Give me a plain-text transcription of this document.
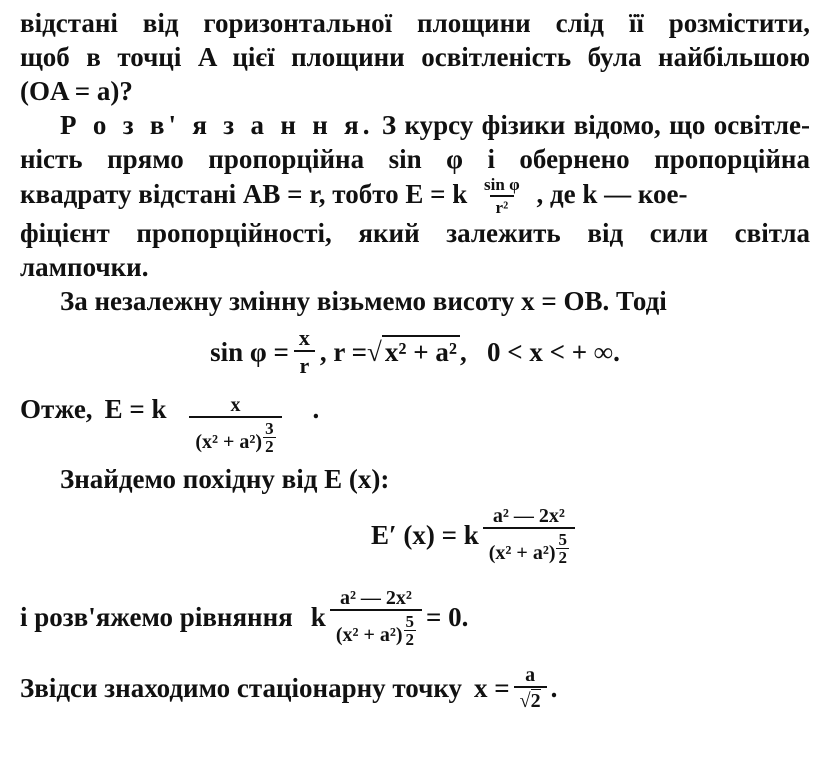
відстані від горизонтальної площини слід її розмістити,
щоб в точці A цієї площини освітленість була найбільшою
(OA = a)?
Р о з в' я з а н н я. З курсу фізики відомо, що освітле-
ність прямо пропорційна sin φ і обернено пропорційна
квадрату відстані AB = r, тобто E = k $\frac{\text{sin φ}}{\text{r²}}$ , де k — кое-
фіцієнт пропорційності, який залежить від сили світла
лампочки.
За незалежну змінну візьмемо висоту x = OB. Тоді
$\sin \varphi = \frac{x}{r}$ , r = √ x² + a² ,   0 < x < + ∞.
Отже, E = k $\frac{x}{(x^2 + a^2) \frac{3}{2}}$ .
Знайдемо похідну від E (x):
E′ (x) = k $\frac{\text{a² — 2x²}}{(x^2 + a^2) \frac{5}{2}}$
і розв'яжемо рівняння k $\frac{\text{a² — 2x²}}{(x^2 + a^2) \frac{5}{2}} = 0$.
Звідси знаходимо стаціонарну точку $x = \frac{a}{√2}$ .
